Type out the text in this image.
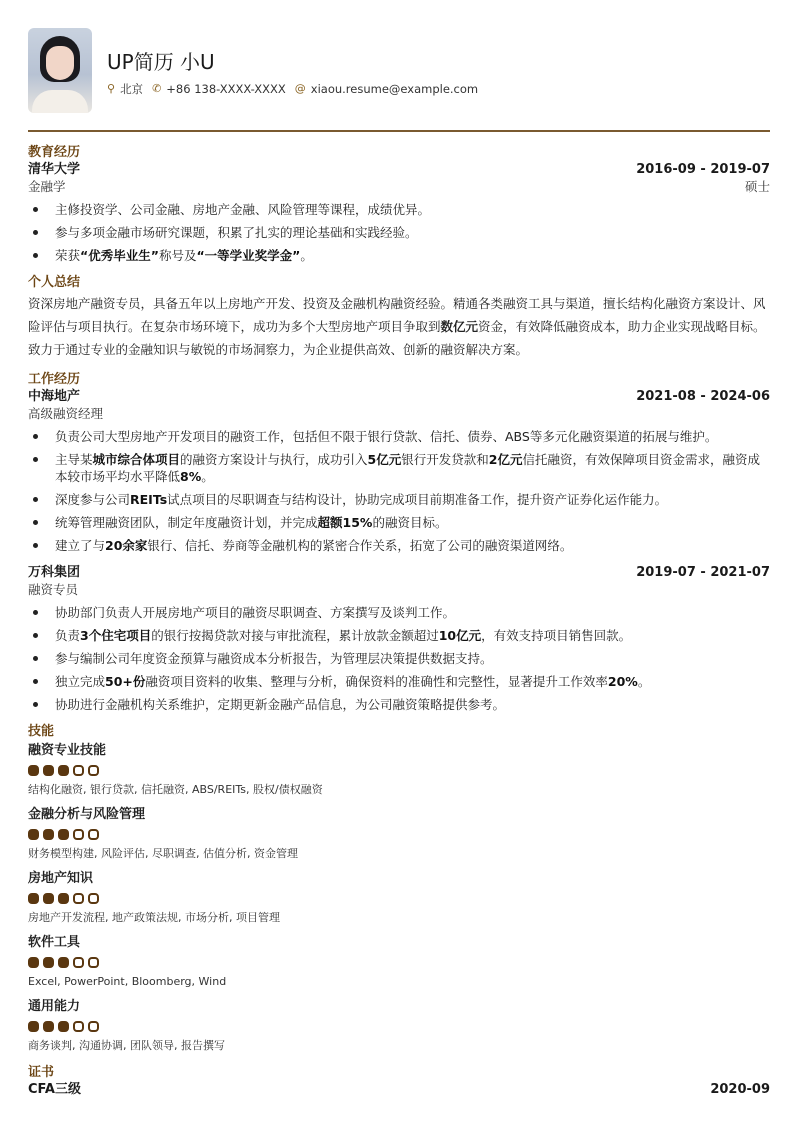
UP简历 小U
⚲ 北京 ✆ +86 138-XXXX-XXXX @ xiaou.resume@example.com
教育经历
清华大学	2016-09 - 2019-07
金融学	硕士
主修投资学、公司金融、房地产金融、风险管理等课程，成绩优异。
参与多项金融市场研究课题，积累了扎实的理论基础和实践经验。
荣获“优秀毕业生”称号及“一等学业奖学金”。
个人总结
资深房地产融资专员，具备五年以上房地产开发、投资及金融机构融资经验。精通各类融资工具与渠道，擅长结构化融资方案设计、风险评估与项目执行。在复杂市场环境下，成功为多个大型房地产项目争取到数亿元资金，有效降低融资成本，助力企业实现战略目标。致力于通过专业的金融知识与敏锐的市场洞察力，为企业提供高效、创新的融资解决方案。
工作经历
中海地产	2021-08 - 2024-06
高级融资经理
负责公司大型房地产开发项目的融资工作，包括但不限于银行贷款、信托、债券、ABS等多元化融资渠道的拓展与维护。
主导某城市综合体项目的融资方案设计与执行，成功引入5亿元银行开发贷款和2亿元信托融资，有效保障项目资金需求，融资成本较市场平均水平降低8%。
深度参与公司REITs试点项目的尽职调查与结构设计，协助完成项目前期准备工作，提升资产证券化运作能力。
统筹管理融资团队，制定年度融资计划，并完成超额15%的融资目标。
建立了与20余家银行、信托、券商等金融机构的紧密合作关系，拓宽了公司的融资渠道网络。
万科集团	2019-07 - 2021-07
融资专员
协助部门负责人开展房地产项目的融资尽职调查、方案撰写及谈判工作。
负责3个住宅项目的银行按揭贷款对接与审批流程，累计放款金额超过10亿元，有效支持项目销售回款。
参与编制公司年度资金预算与融资成本分析报告，为管理层决策提供数据支持。
独立完成50+份融资项目资料的收集、整理与分析，确保资料的准确性和完整性，显著提升工作效率20%。
协助进行金融机构关系维护，定期更新金融产品信息，为公司融资策略提供参考。
技能
融资专业技能
结构化融资, 银行贷款, 信托融资, ABS/REITs, 股权/债权融资
金融分析与风险管理
财务模型构建, 风险评估, 尽职调查, 估值分析, 资金管理
房地产知识
房地产开发流程, 地产政策法规, 市场分析, 项目管理
软件工具
Excel, PowerPoint, Bloomberg, Wind
通用能力
商务谈判, 沟通协调, 团队领导, 报告撰写
证书
CFA三级	2020-09
